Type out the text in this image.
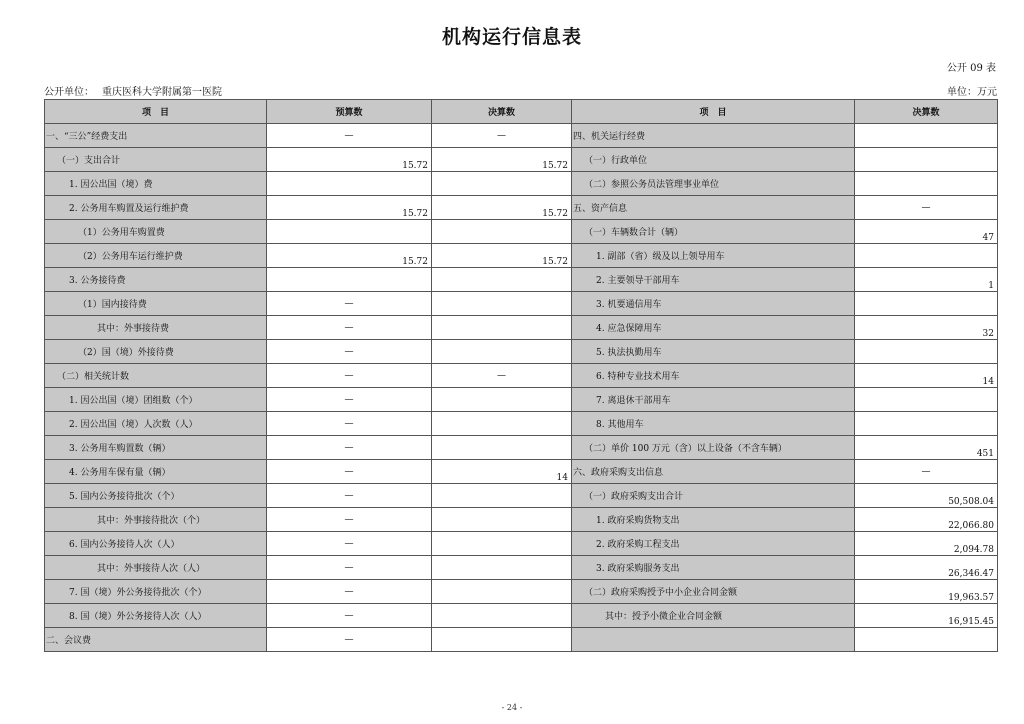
机构运行信息表
公开 09 表
公开单位： 重庆医科大学附属第一医院	单位：万元
项　目	预算数	决算数	项　目	决算数
一、“三公”经费支出	—	—	四、机关运行经费	
（一）支出合计	15.72	15.72	（一）行政单位	
1. 因公出国（境）费			（二）参照公务员法管理事业单位	
2. 公务用车购置及运行维护费	15.72	15.72	五、资产信息	—
（1）公务用车购置费			（一）车辆数合计（辆）	47
（2）公务用车运行维护费	15.72	15.72	1. 副部（省）级及以上领导用车	
3. 公务接待费			2. 主要领导干部用车	1
（1）国内接待费	—		3. 机要通信用车	
其中：外事接待费	—		4. 应急保障用车	32
（2）国（境）外接待费	—		5. 执法执勤用车	
（二）相关统计数	—	—	6. 特种专业技术用车	14
1. 因公出国（境）团组数（个）	—		7. 离退休干部用车	
2. 因公出国（境）人次数（人）	—		8. 其他用车	
3. 公务用车购置数（辆）	—		（二）单价 100 万元（含）以上设备（不含车辆）	451
4. 公务用车保有量（辆）	—	14	六、政府采购支出信息	—
5. 国内公务接待批次（个）	—		（一）政府采购支出合计	50,508.04
其中：外事接待批次（个）	—		1. 政府采购货物支出	22,066.80
6. 国内公务接待人次（人）	—		2. 政府采购工程支出	2,094.78
其中：外事接待人次（人）	—		3. 政府采购服务支出	26,346.47
7. 国（境）外公务接待批次（个）	—		（二）政府采购授予中小企业合同金额	19,963.57
8. 国（境）外公务接待人次（人）	—		其中：授予小微企业合同金额	16,915.45
二、会议费	—			
- 24 -
